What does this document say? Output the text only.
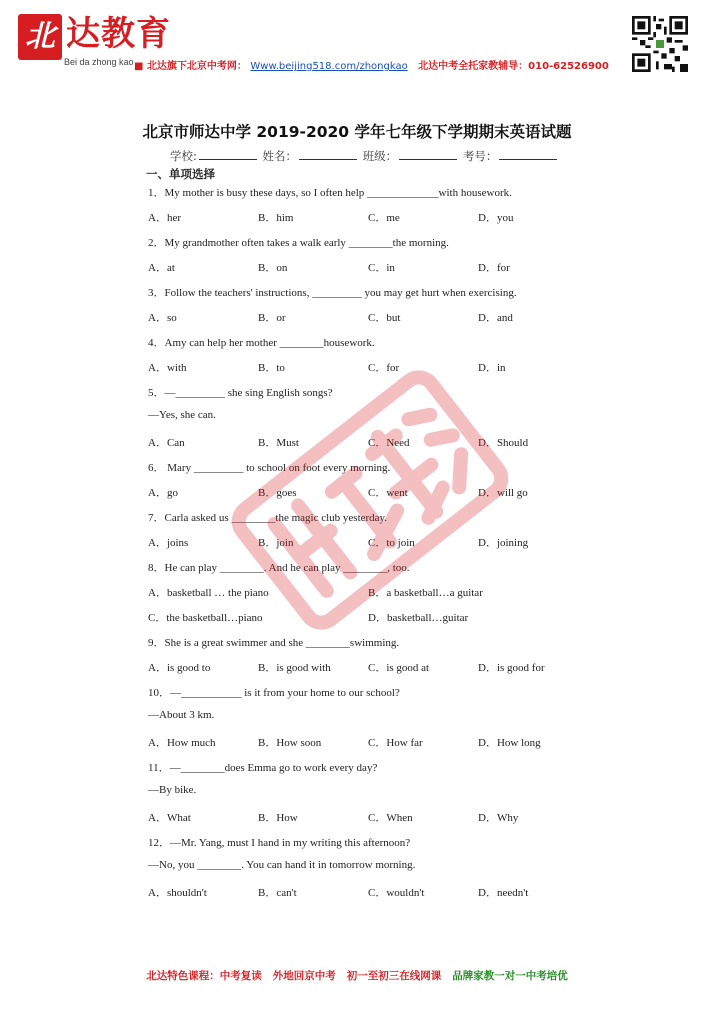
北 达教育
Bei da zhong kao ■ 北达旗下北京中考网： Www.beijing518.com/zhongkao 北达中考全托家教辅导：010-62526900
北京市师达中学 2019-2020 学年七年级下学期期末英语试题
学校:	姓名：	班级：	考号：
一、单项选择
1．My mother is busy these days, so I often help _____________with housework.
A．her	B．him	C．me	D．you
2．My grandmother often takes a walk early ________the morning.
A．at	B．on	C．in	D．for
3．Follow the teachers' instructions, _________ you may get hurt when exercising.
A．so	B．or	C．but	D．and
4．Amy can help her mother ________housework.
A．with	B．to	C．for	D．in
5．—_________ she sing English songs?
—Yes, she can.
A．Can	B．Must	C．Need	D．Should
6． Mary _________ to school on foot every morning.
A．go	B．goes	C．went	D．will go
7．Carla asked us ________the magic club yesterday.
A．joins	B．join	C．to join	D．joining
8．He can play ________. And he can play ________, too.
A．basketball … the piano	B．a basketball…a guitar
C．the basketball…piano	D．basketball…guitar
9．She is a great swimmer and she ________swimming.
A．is good to	B．is good with	C．is good at	D．is good for
10．—___________ is it from your home to our school?
—About 3 km.
A．How much	B．How soon	C．How far	D．How long
11．—________does Emma go to work every day?
—By bike.
A．What	B．How	C．When	D．Why
12．—Mr. Yang, must I hand in my writing this afternoon?
—No, you ________. You can hand it in tomorrow morning.
A．shouldn't	B．can't	C．wouldn't	D．needn't
北达特色课程：中考复读 外地回京中考 初一至初三在线网课 品牌家教一对一中考培优
